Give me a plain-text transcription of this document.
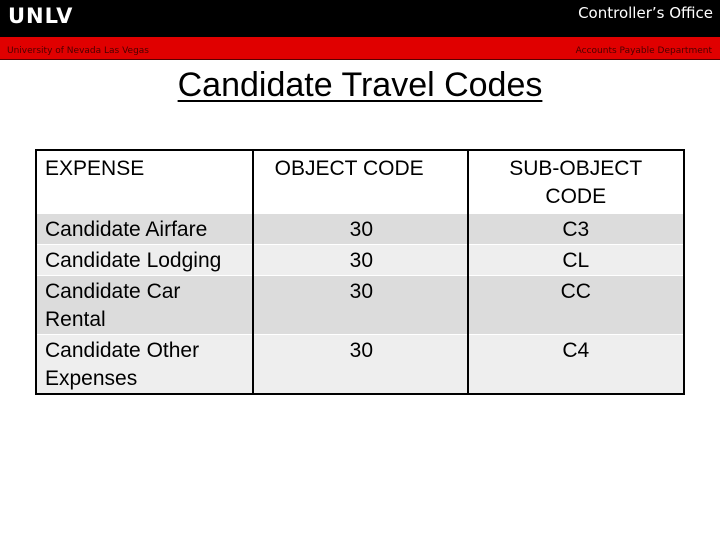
UNLV	Controller’s Office
University of Nevada Las Vegas	Accounts Payable Department
Candidate Travel Codes
EXPENSE	OBJECT CODE	SUB-OBJECT CODE
Candidate Airfare	30	C3
Candidate Lodging	30	CL
Candidate Car Rental	30	CC
Candidate Other Expenses	30	C4
